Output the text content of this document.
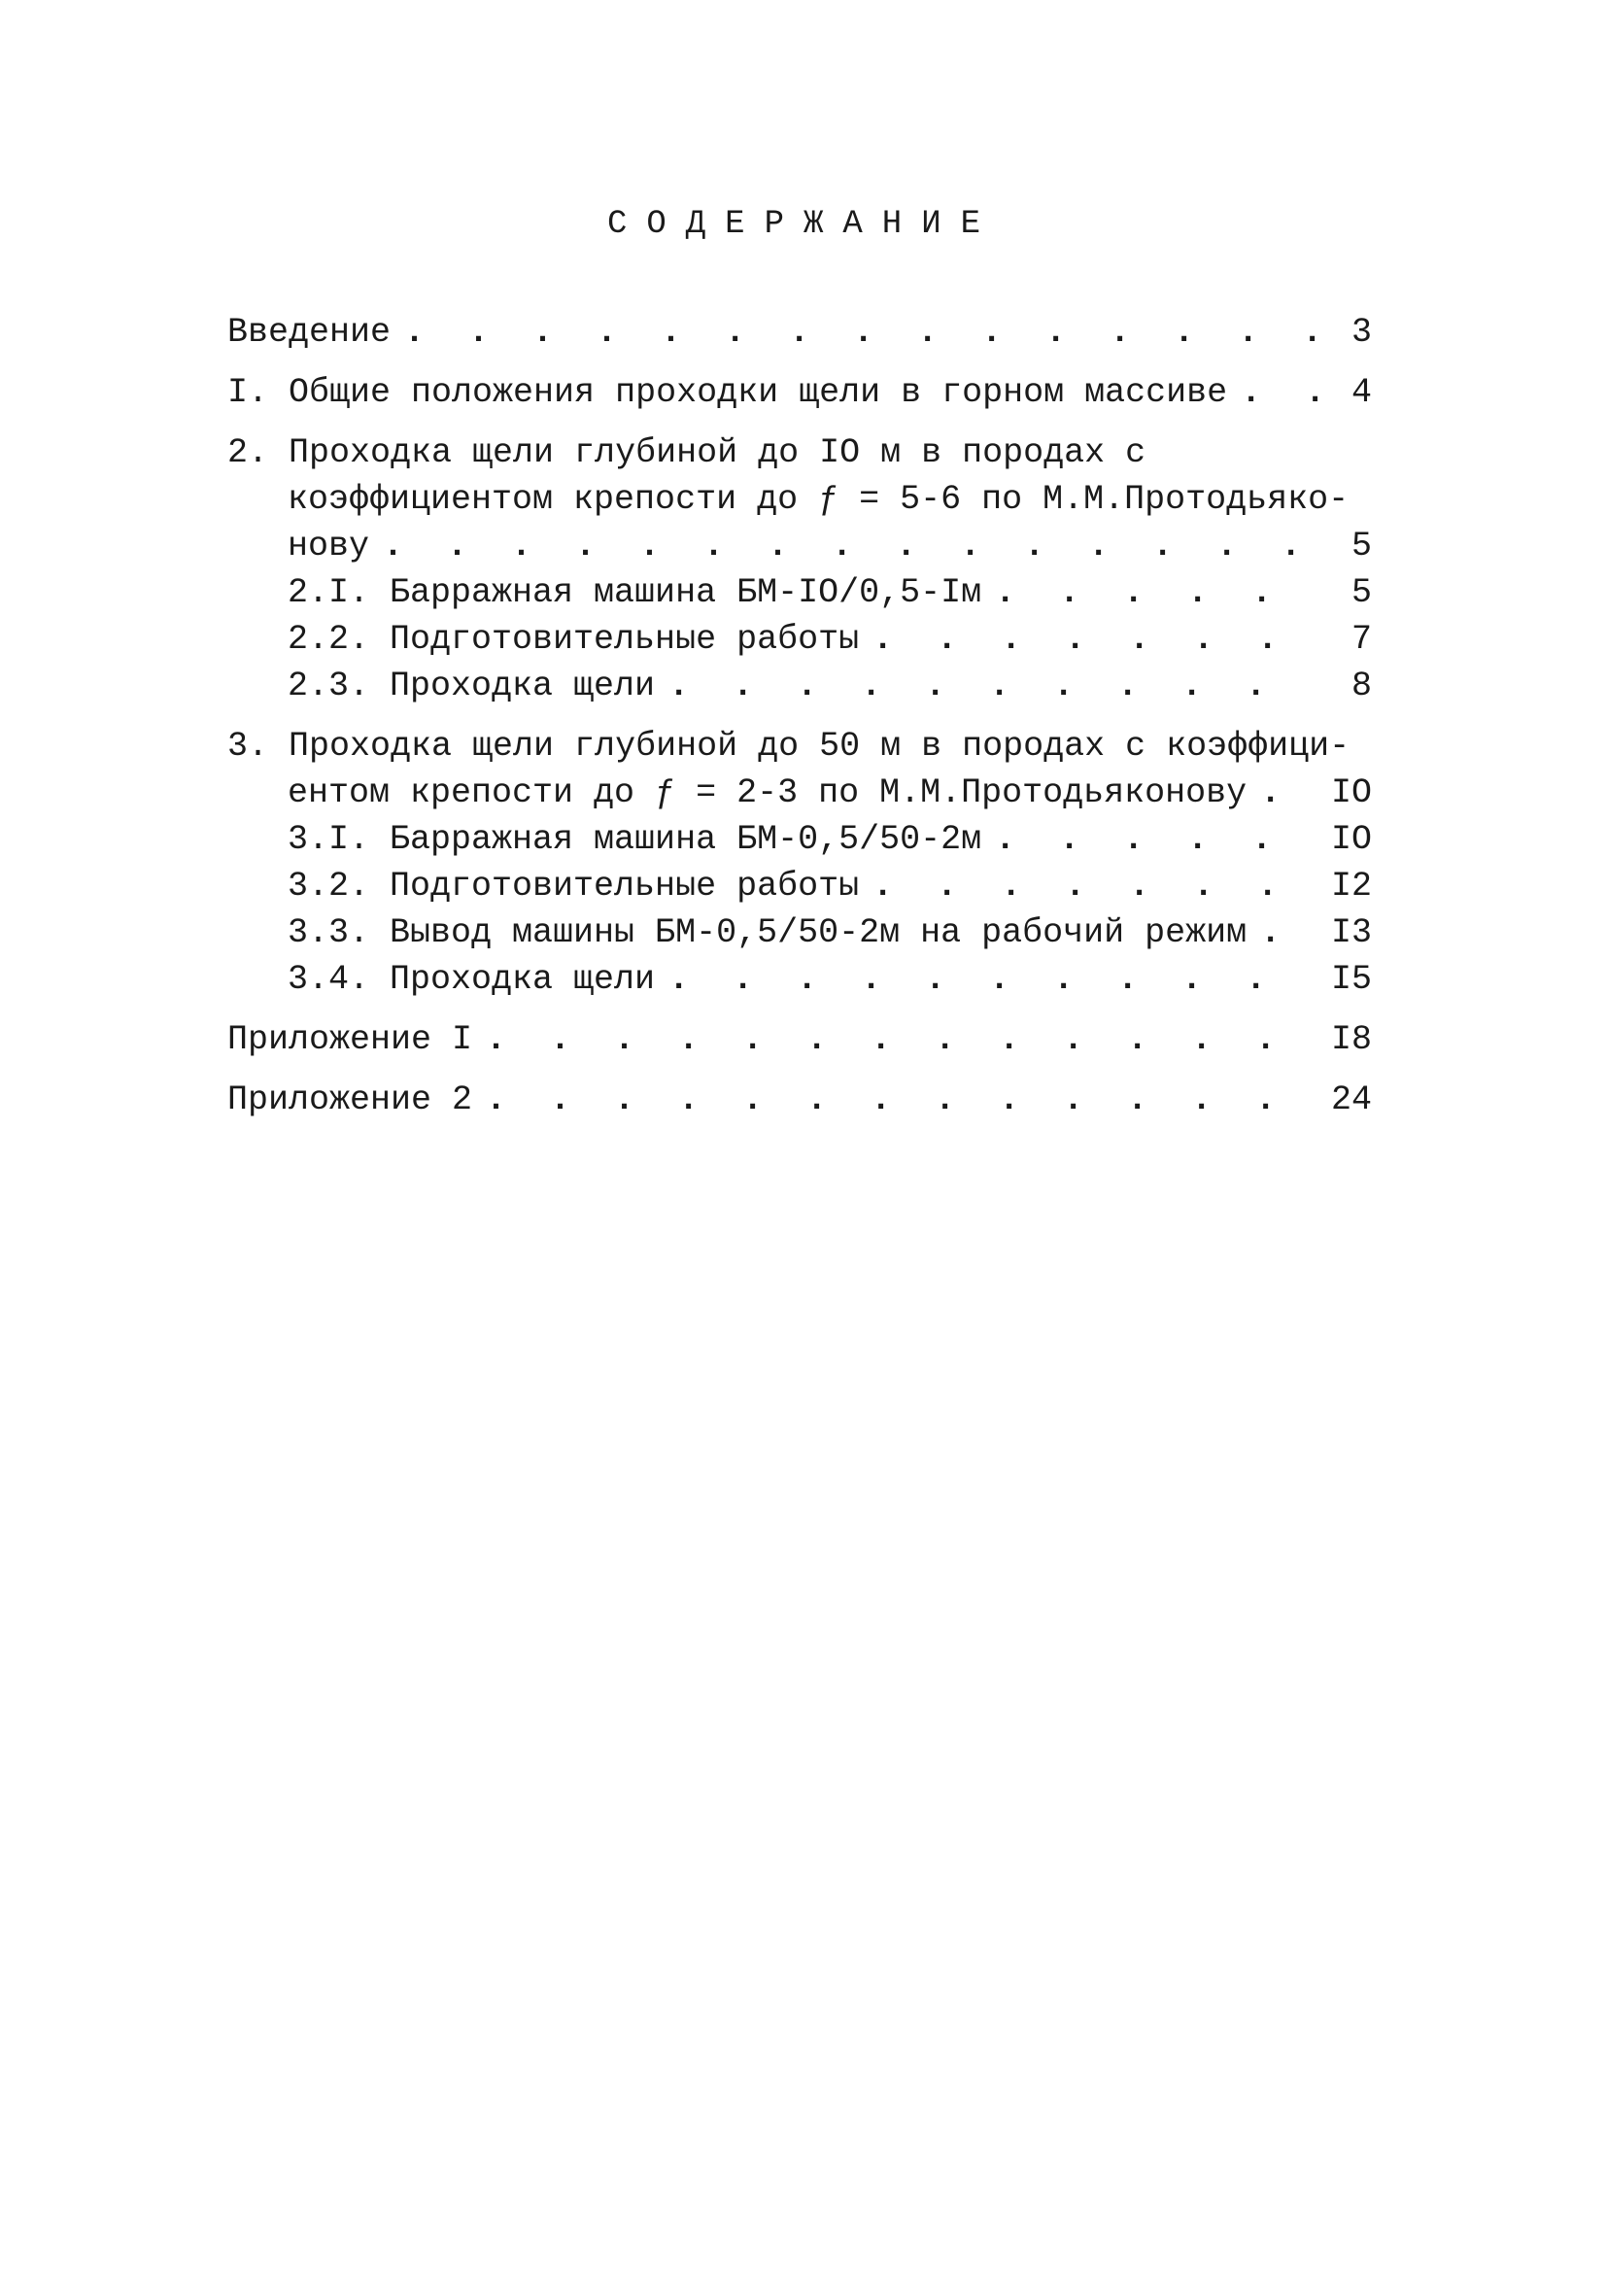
СОДЕРЖАНИЕ
Введение . . .	3
I. Общие положения проходки щели в горном массиве . . .	4
2. Проходка щели глубиной до IO м в породах с
коэффициентом крепости до ƒ = 5-6 по М.М.Протодьяко-
нову . . .	5
2.I. Барражная машина БМ-IO/0,5-Iм . . .	5
2.2. Подготовительные работы . . .	7
2.3. Проходка щели . . .	8
3. Проходка щели глубиной до 50 м в породах с коэффици-
ентом крепости до ƒ = 2-3 по М.М.Протодьяконову . . .	IO
3.I. Барражная машина БМ-0,5/50-2м . . .	IO
3.2. Подготовительные работы . . .	I2
3.3. Вывод машины БМ-0,5/50-2м на рабочий режим . . .	I3
3.4. Проходка щели . . .	I5
Приложение I . . .	I8
Приложение 2 . . .	24
